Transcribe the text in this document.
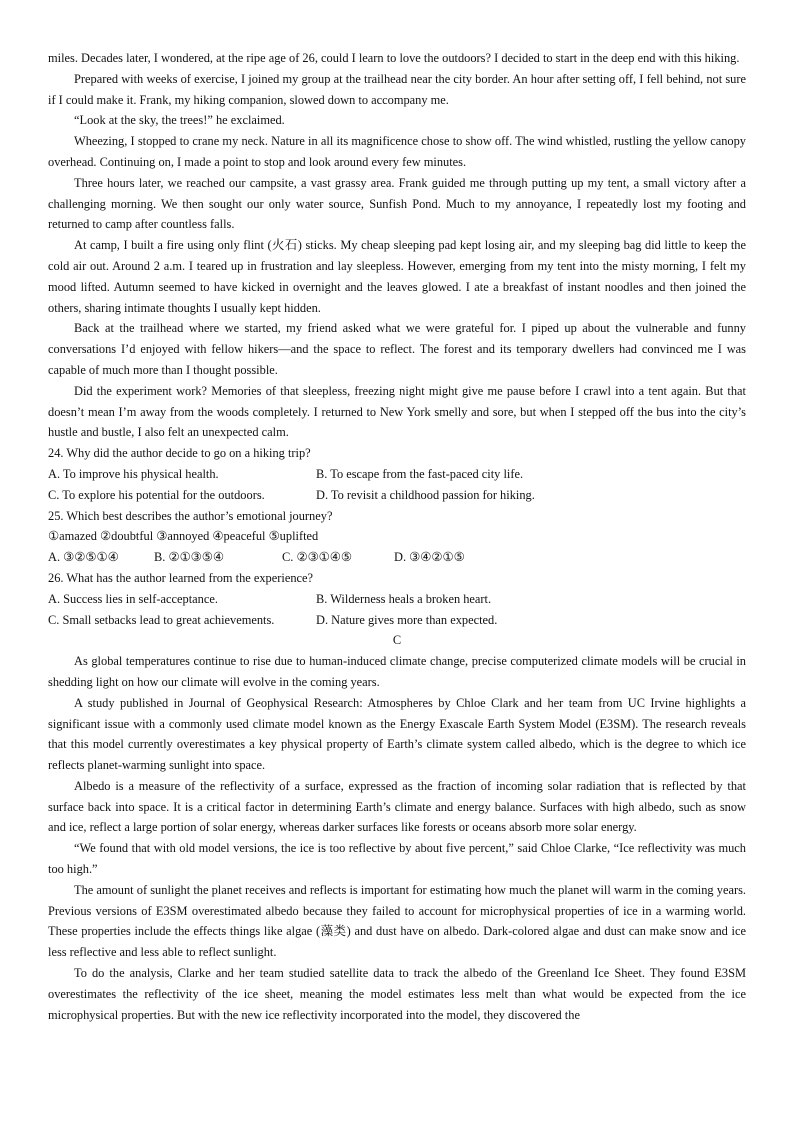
miles. Decades later, I wondered, at the ripe age of 26, could I learn to love the outdoors? I decided to start in the deep end with this hiking.

Prepared with weeks of exercise, I joined my group at the trailhead near the city border. An hour after setting off, I fell behind, not sure if I could make it. Frank, my hiking companion, slowed down to accompany me.

“Look at the sky, the trees!” he exclaimed.

Wheezing, I stopped to crane my neck. Nature in all its magnificence chose to show off. The wind whistled, rustling the yellow canopy overhead. Continuing on, I made a point to stop and look around every few minutes.

Three hours later, we reached our campsite, a vast grassy area. Frank guided me through putting up my tent, a small victory after a challenging morning. We then sought our only water source, Sunfish Pond. Much to my annoyance, I repeatedly lost my footing and returned to camp after countless falls.

At camp, I built a fire using only flint (火石) sticks. My cheap sleeping pad kept losing air, and my sleeping bag did little to keep the cold air out. Around 2 a.m. I teared up in frustration and lay sleepless. However, emerging from my tent into the misty morning, I felt my mood lifted. Autumn seemed to have kicked in overnight and the leaves glowed. I ate a breakfast of instant noodles and then joined the others, sharing intimate thoughts I usually kept hidden.

Back at the trailhead where we started, my friend asked what we were grateful for. I piped up about the vulnerable and funny conversations I’d enjoyed with fellow hikers—and the space to reflect. The forest and its temporary dwellers had convinced me I was capable of much more than I thought possible.

Did the experiment work? Memories of that sleepless, freezing night might give me pause before I crawl into a tent again. But that doesn’t mean I’m away from the woods completely. I returned to New York smelly and sore, but when I stepped off the bus into the city’s hustle and bustle, I also felt an unexpected calm.

24. Why did the author decide to go on a hiking trip?
A. To improve his physical health.	B. To escape from the fast-paced city life.
C. To explore his potential for the outdoors.	D. To revisit a childhood passion for hiking.
25. Which best describes the author’s emotional journey?
①amazed ②doubtful ③annoyed ④peaceful ⑤uplifted
A. ③②⑤①④	B. ②①③⑤④	C. ②③①④⑤	D. ③④②①⑤
26. What has the author learned from the experience?
A. Success lies in self-acceptance.	B. Wilderness heals a broken heart.
C. Small setbacks lead to great achievements.	D. Nature gives more than expected.
C

As global temperatures continue to rise due to human-induced climate change, precise computerized climate models will be crucial in shedding light on how our climate will evolve in the coming years.

A study published in Journal of Geophysical Research: Atmospheres by Chloe Clark and her team from UC Irvine highlights a significant issue with a commonly used climate model known as the Energy Exascale Earth System Model (E3SM). The research reveals that this model currently overestimates a key physical property of Earth’s climate system called albedo, which is the degree to which ice reflects planet-warming sunlight into space.

Albedo is a measure of the reflectivity of a surface, expressed as the fraction of incoming solar radiation that is reflected by that surface back into space. It is a critical factor in determining Earth’s climate and energy balance. Surfaces with high albedo, such as snow and ice, reflect a large portion of solar energy, whereas darker surfaces like forests or oceans absorb more solar energy.

“We found that with old model versions, the ice is too reflective by about five percent,” said Chloe Clarke, “Ice reflectivity was much too high.”

The amount of sunlight the planet receives and reflects is important for estimating how much the planet will warm in the coming years. Previous versions of E3SM overestimated albedo because they failed to account for microphysical properties of ice in a warming world. These properties include the effects things like algae (藻类) and dust have on albedo. Dark-colored algae and dust can make snow and ice less reflective and less able to reflect sunlight.

To do the analysis, Clarke and her team studied satellite data to track the albedo of the Greenland Ice Sheet. They found E3SM overestimates the reflectivity of the ice sheet, meaning the model estimates less melt than what would be expected from the ice microphysical properties. But with the new ice reflectivity incorporated into the model, they discovered the
